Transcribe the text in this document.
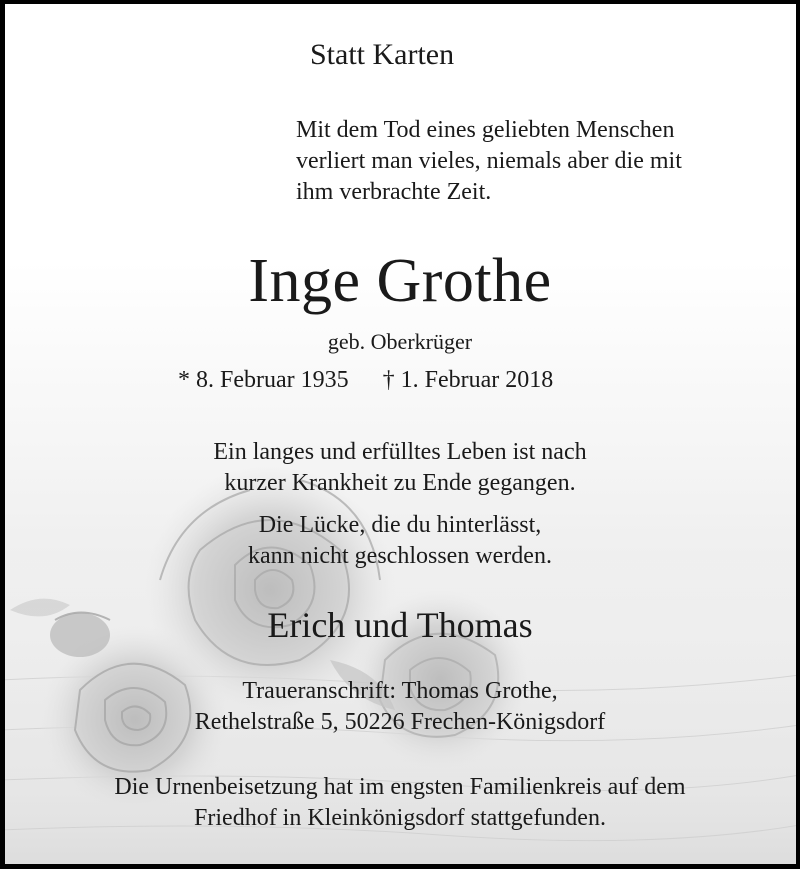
Statt Karten
Mit dem Tod eines geliebten Menschen
verliert man vieles, niemals aber die mit
ihm verbrachte Zeit.
Inge Grothe
geb. Oberkrüger
* 8. Februar 1935 † 1. Februar 2018
Ein langes und erfülltes Leben ist nach
kurzer Krankheit zu Ende gegangen.
Die Lücke, die du hinterlässt,
kann nicht geschlossen werden.
Erich und Thomas
Traueranschrift: Thomas Grothe,
Rethelstraße 5, 50226 Frechen-Königsdorf
Die Urnenbeisetzung hat im engsten Familienkreis auf dem
Friedhof in Kleinkönigsdorf stattgefunden.
